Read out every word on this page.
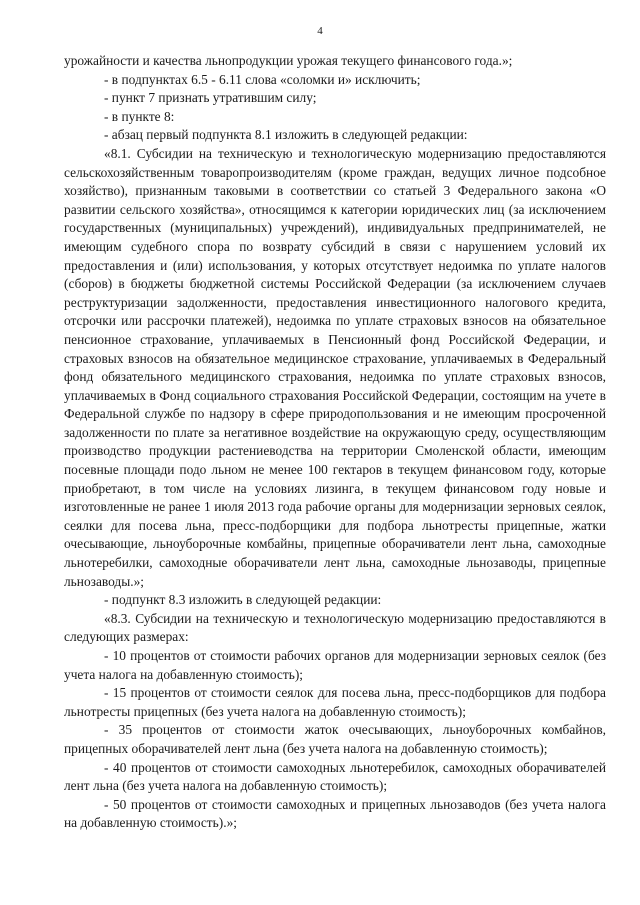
4

урожайности и качества льнопродукции урожая текущего финансового года.»;

- в подпунктах 6.5 - 6.11 слова «соломки и» исключить;

- пункт 7 признать утратившим силу;

- в пункте 8:

- абзац первый подпункта 8.1 изложить в следующей редакции:

«8.1. Субсидии на техническую и технологическую модернизацию предоставляются сельскохозяйственным товаропроизводителям (кроме граждан, ведущих личное подсобное хозяйство), признанным таковыми в соответствии со статьей 3 Федерального закона «О развитии сельского хозяйства», относящимся к категории юридических лиц (за исключением государственных (муниципальных) учреждений), индивидуальных предпринимателей, не имеющим судебного спора по возврату субсидий в связи с нарушением условий их предоставления и (или) использования, у которых отсутствует недоимка по уплате налогов (сборов) в бюджеты бюджетной системы Российской Федерации (за исключением случаев реструктуризации задолженности, предоставления инвестиционного налогового кредита, отсрочки или рассрочки платежей), недоимка по уплате страховых взносов на обязательное пенсионное страхование, уплачиваемых в Пенсионный фонд Российской Федерации, и страховых взносов на обязательное медицинское страхование, уплачиваемых в Федеральный фонд обязательного медицинского страхования, недоимка по уплате страховых взносов, уплачиваемых в Фонд социального страхования Российской Федерации, состоящим на учете в Федеральной службе по надзору в сфере природопользования и не имеющим просроченной задолженности по плате за негативное воздействие на окружающую среду, осуществляющим производство продукции растениеводства на территории Смоленской области, имеющим посевные площади подо льном не менее 100 гектаров в текущем финансовом году, которые приобретают, в том числе на условиях лизинга, в текущем финансовом году новые и изготовленные не ранее 1 июля 2013 года рабочие органы для модернизации зерновых сеялок, сеялки для посева льна, пресс-подборщики для подбора льнотресты прицепные, жатки очесывающие, льноуборочные комбайны, прицепные оборачиватели лент льна, самоходные льнотеребилки, самоходные оборачиватели лент льна, самоходные льнозаводы, прицепные льнозаводы.»;

- подпункт 8.3 изложить в следующей редакции:

«8.3. Субсидии на техническую и технологическую модернизацию предоставляются в следующих размерах:

- 10 процентов от стоимости рабочих органов для модернизации зерновых сеялок (без учета налога на добавленную стоимость);

- 15 процентов от стоимости сеялок для посева льна, пресс-подборщиков для подбора льнотресты прицепных (без учета налога на добавленную стоимость);

- 35 процентов от стоимости жаток очесывающих, льноуборочных комбайнов, прицепных оборачивателей лент льна (без учета налога на добавленную стоимость);

- 40 процентов от стоимости самоходных льнотеребилок, самоходных оборачивателей лент льна (без учета налога на добавленную стоимость);

- 50 процентов от стоимости самоходных и прицепных льнозаводов (без учета налога на добавленную стоимость).»;
